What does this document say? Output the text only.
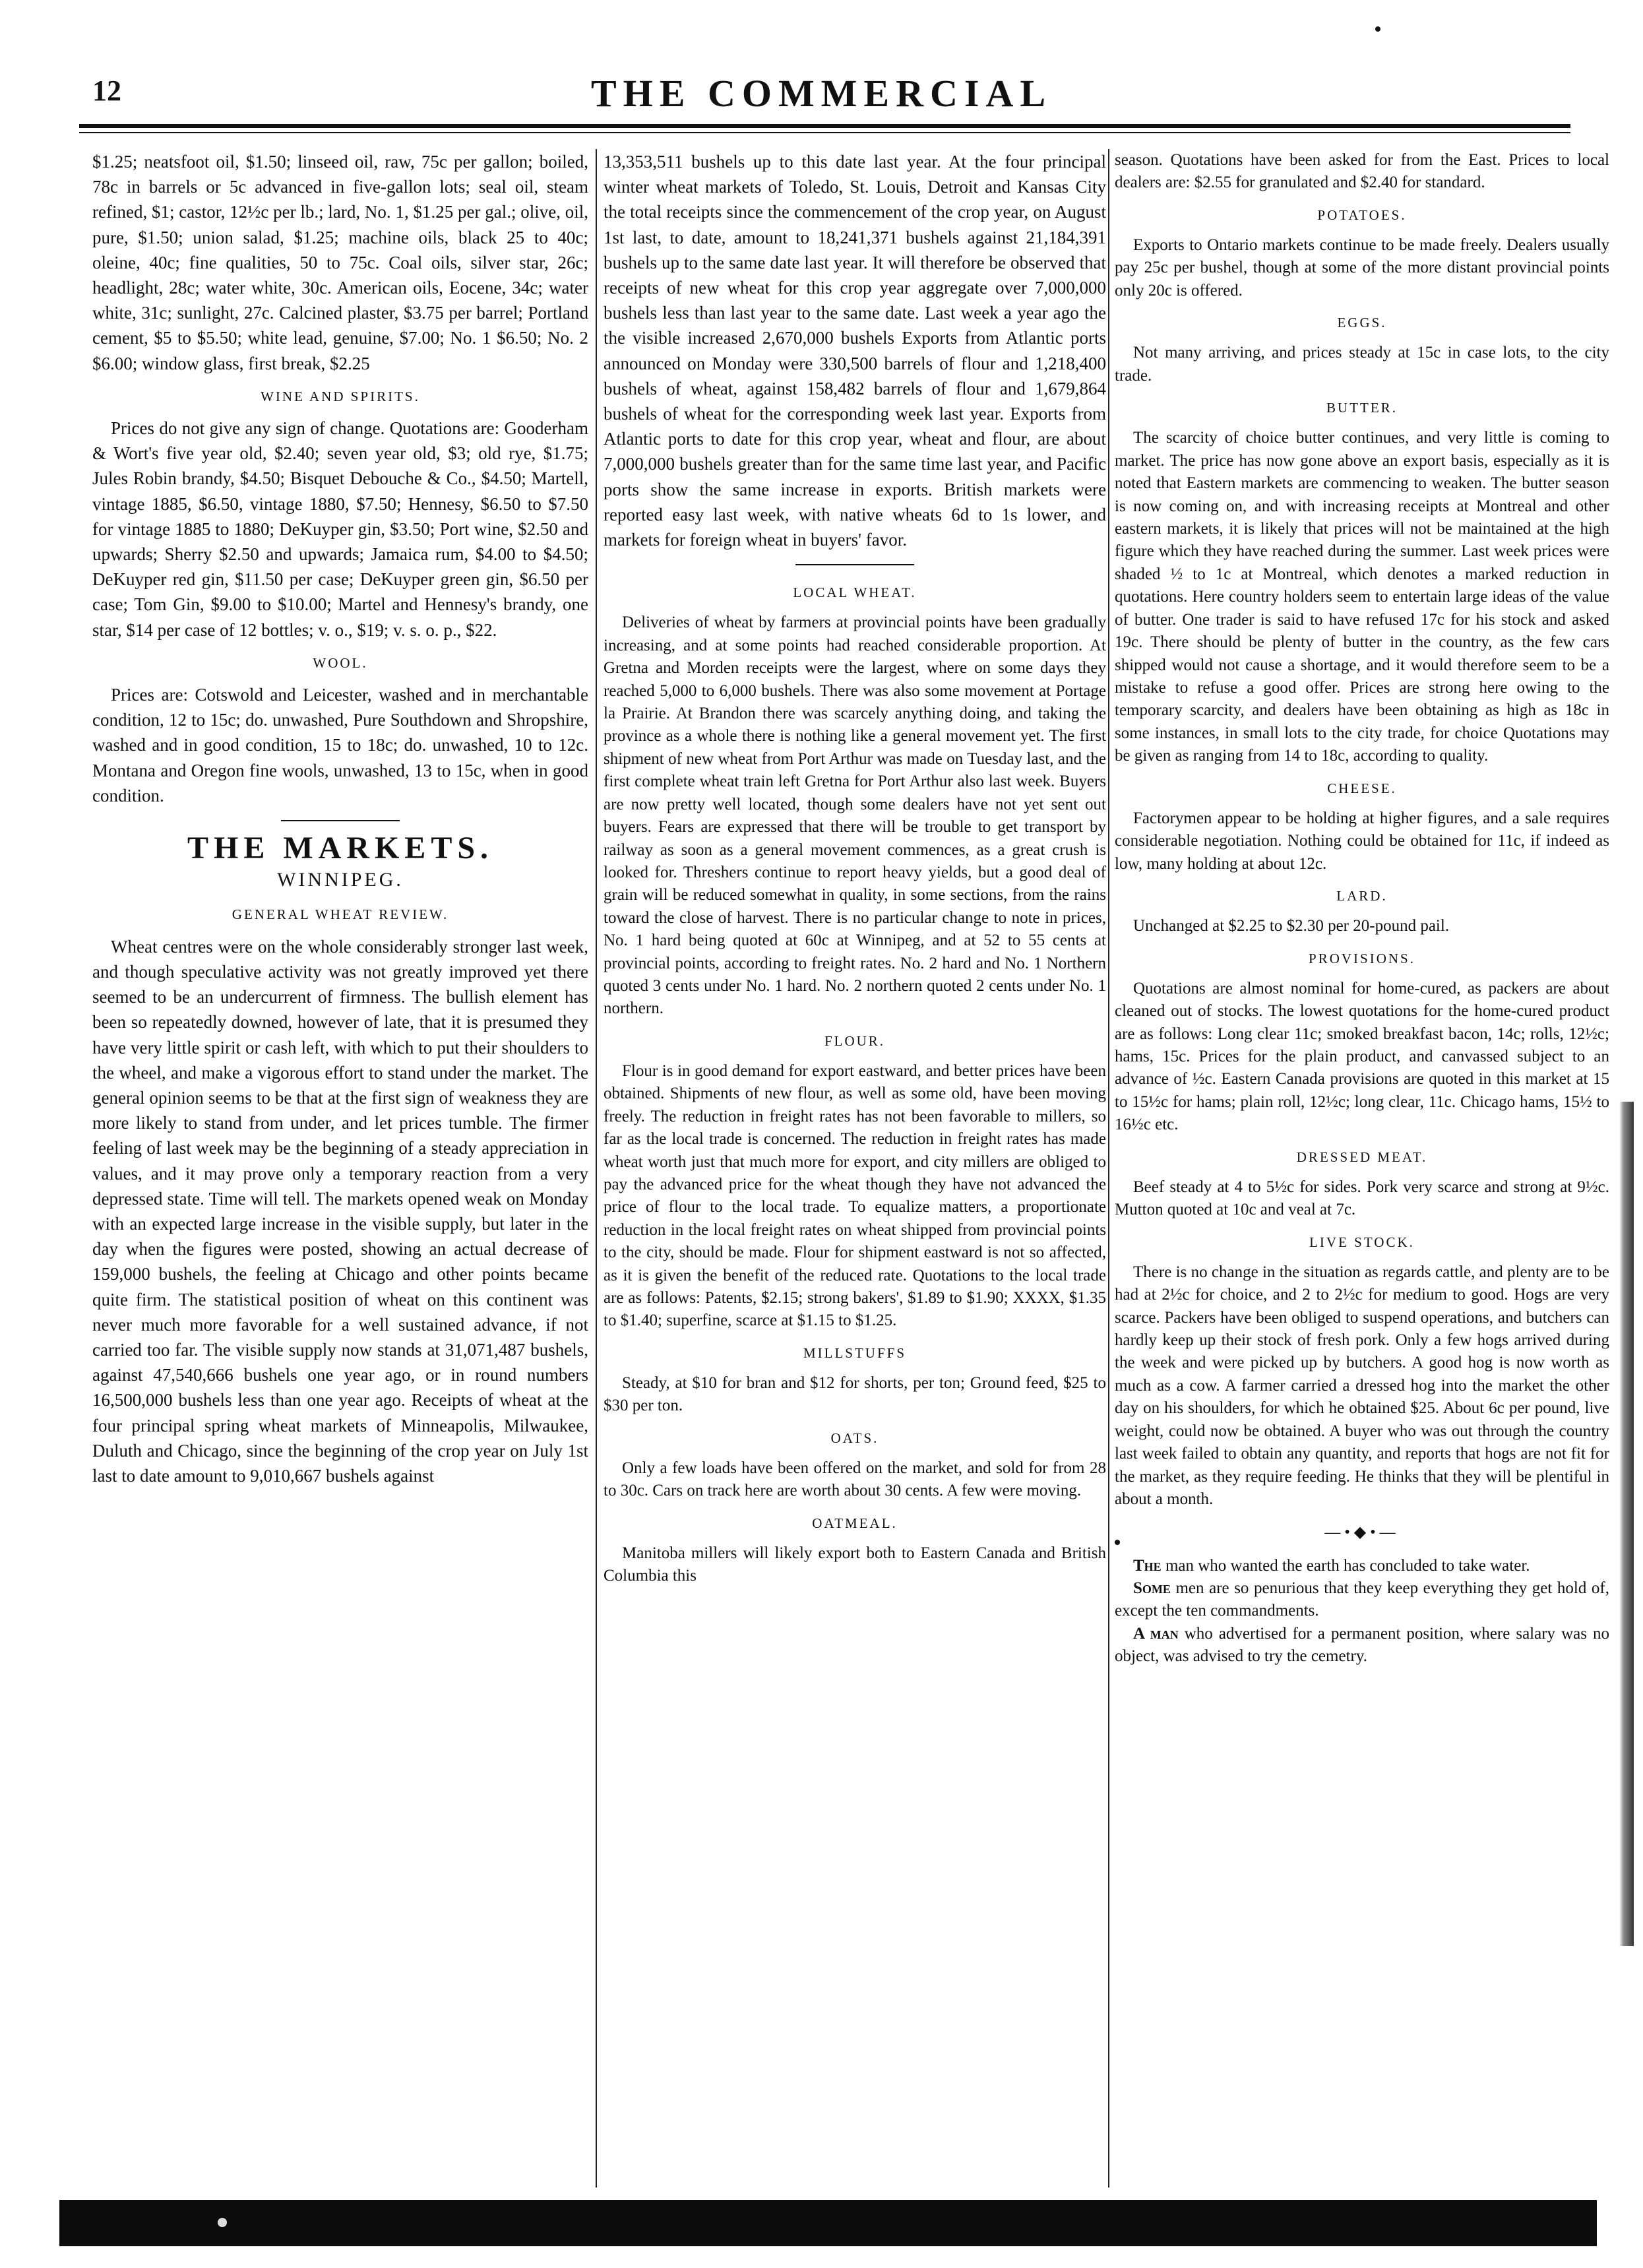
12	THE COMMERCIAL

$1.25; neatsfoot oil, $1.50; linseed oil, raw, 75c per gallon; boiled, 78c in barrels or 5c advanced in five-gallon lots; seal oil, steam refined, $1; castor, 12½c per lb.; lard, No. 1, $1.25 per gal.; olive, oil, pure, $1.50; union salad, $1.25; machine oils, black 25 to 40c; oleine, 40c; fine qualities, 50 to 75c. Coal oils, silver star, 26c; headlight, 28c; water white, 30c. American oils, Eocene, 34c; water white, 31c; sunlight, 27c. Calcined plaster, $3.75 per barrel; Portland cement, $5 to $5.50; white lead, genuine, $7.00; No. 1 $6.50; No. 2 $6.00; window glass, first break, $2.25

WINE AND SPIRITS.

Prices do not give any sign of change. Quotations are: Gooderham & Wort's five year old, $2.40; seven year old, $3; old rye, $1.75; Jules Robin brandy, $4.50; Bisquet Debouche & Co., $4.50; Martell, vintage 1885, $6.50, vintage 1880, $7.50; Hennesy, $6.50 to $7.50 for vintage 1885 to 1880; DeKuyper gin, $3.50; Port wine, $2.50 and upwards; Sherry $2.50 and upwards; Jamaica rum, $4.00 to $4.50; DeKuyper red gin, $11.50 per case; DeKuyper green gin, $6.50 per case; Tom Gin, $9.00 to $10.00; Martel and Hennesy's brandy, one star, $14 per case of 12 bottles; v. o., $19; v. s. o. p., $22.

WOOL.

Prices are: Cotswold and Leicester, washed and in merchantable condition, 12 to 15c; do. unwashed, Pure Southdown and Shropshire, washed and in good condition, 15 to 18c; do. unwashed, 10 to 12c. Montana and Oregon fine wools, unwashed, 13 to 15c, when in good condition.

THE MARKETS.
WINNIPEG.
GENERAL WHEAT REVIEW.

Wheat centres were on the whole considerably stronger last week, and though speculative activity was not greatly improved yet there seemed to be an undercurrent of firmness. The bullish element has been so repeatedly downed, however of late, that it is presumed they have very little spirit or cash left, with which to put their shoulders to the wheel, and make a vigorous effort to stand under the market. The general opinion seems to be that at the first sign of weakness they are more likely to stand from under, and let prices tumble. The firmer feeling of last week may be the beginning of a steady appreciation in values, and it may prove only a temporary reaction from a very depressed state. Time will tell. The markets opened weak on Monday with an expected large increase in the visible supply, but later in the day when the figures were posted, showing an actual decrease of 159,000 bushels, the feeling at Chicago and other points became quite firm. The statistical position of wheat on this continent was never much more favorable for a well sustained advance, if not carried too far. The visible supply now stands at 31,071,487 bushels, against 47,540,666 bushels one year ago, or in round numbers 16,500,000 bushels less than one year ago. Receipts of wheat at the four principal spring wheat markets of Minneapolis, Milwaukee, Duluth and Chicago, since the beginning of the crop year on July 1st last to date amount to 9,010,667 bushels against

13,353,511 bushels up to this date last year. At the four principal winter wheat markets of Toledo, St. Louis, Detroit and Kansas City the total receipts since the commencement of the crop year, on August 1st last, to date, amount to 18,241,371 bushels against 21,184,391 bushels up to the same date last year. It will therefore be observed that receipts of new wheat for this crop year aggregate over 7,000,000 bushels less than last year to the same date. Last week a year ago the the visible increased 2,670,000 bushels Exports from Atlantic ports announced on Monday were 330,500 barrels of flour and 1,218,400 bushels of wheat, against 158,482 barrels of flour and 1,679,864 bushels of wheat for the corresponding week last year. Exports from Atlantic ports to date for this crop year, wheat and flour, are about 7,000,000 bushels greater than for the same time last year, and Pacific ports show the same increase in exports. British markets were reported easy last week, with native wheats 6d to 1s lower, and markets for foreign wheat in buyers' favor.

LOCAL WHEAT.

Deliveries of wheat by farmers at provincial points have been gradually increasing, and at some points had reached considerable proportion. At Gretna and Morden receipts were the largest, where on some days they reached 5,000 to 6,000 bushels. There was also some movement at Portage la Prairie. At Brandon there was scarcely anything doing, and taking the province as a whole there is nothing like a general movement yet. The first shipment of new wheat from Port Arthur was made on Tuesday last, and the first complete wheat train left Gretna for Port Arthur also last week. Buyers are now pretty well located, though some dealers have not yet sent out buyers. Fears are expressed that there will be trouble to get transport by railway as soon as a general movement commences, as a great crush is looked for. Threshers continue to report heavy yields, but a good deal of grain will be reduced somewhat in quality, in some sections, from the rains toward the close of harvest. There is no particular change to note in prices, No. 1 hard being quoted at 60c at Winnipeg, and at 52 to 55 cents at provincial points, according to freight rates. No. 2 hard and No. 1 Northern quoted 3 cents under No. 1 hard. No. 2 northern quoted 2 cents under No. 1 northern.

FLOUR.

Flour is in good demand for export eastward, and better prices have been obtained. Shipments of new flour, as well as some old, have been moving freely. The reduction in freight rates has not been favorable to millers, so far as the local trade is concerned. The reduction in freight rates has made wheat worth just that much more for export, and city millers are obliged to pay the advanced price for the wheat though they have not advanced the price of flour to the local trade. To equalize matters, a proportionate reduction in the local freight rates on wheat shipped from provincial points to the city, should be made. Flour for shipment eastward is not so affected, as it is given the benefit of the reduced rate. Quotations to the local trade are as follows: Patents, $2.15; strong bakers', $1.89 to $1.90; XXXX, $1.35 to $1.40; superfine, scarce at $1.15 to $1.25.

MILLSTUFFS

Steady, at $10 for bran and $12 for shorts, per ton; Ground feed, $25 to $30 per ton.

OATS.

Only a few loads have been offered on the market, and sold for from 28 to 30c. Cars on track here are worth about 30 cents. A few were moving.

OATMEAL.

Manitoba millers will likely export both to Eastern Canada and British Columbia this

season. Quotations have been asked for from the East. Prices to local dealers are: $2.55 for granulated and $2.40 for standard.

POTATOES.

Exports to Ontario markets continue to be made freely. Dealers usually pay 25c per bushel, though at some of the more distant provincial points only 20c is offered.

EGGS.

Not many arriving, and prices steady at 15c in case lots, to the city trade.

BUTTER.

The scarcity of choice butter continues, and very little is coming to market. The price has now gone above an export basis, especially as it is noted that Eastern markets are commencing to weaken. The butter season is now coming on, and with increasing receipts at Montreal and other eastern markets, it is likely that prices will not be maintained at the high figure which they have reached during the summer. Last week prices were shaded ½ to 1c at Montreal, which denotes a marked reduction in quotations. Here country holders seem to entertain large ideas of the value of butter. One trader is said to have refused 17c for his stock and asked 19c. There should be plenty of butter in the country, as the few cars shipped would not cause a shortage, and it would therefore seem to be a mistake to refuse a good offer. Prices are strong here owing to the temporary scarcity, and dealers have been obtaining as high as 18c in some instances, in small lots to the city trade, for choice Quotations may be given as ranging from 14 to 18c, according to quality.

CHEESE.

Factorymen appear to be holding at higher figures, and a sale requires considerable negotiation. Nothing could be obtained for 11c, if indeed as low, many holding at about 12c.

LARD.

Unchanged at $2.25 to $2.30 per 20-pound pail.

PROVISIONS.

Quotations are almost nominal for home-cured, as packers are about cleaned out of stocks. The lowest quotations for the home-cured product are as follows: Long clear 11c; smoked breakfast bacon, 14c; rolls, 12½c; hams, 15c. Prices for the plain product, and canvassed subject to an advance of ½c. Eastern Canada provisions are quoted in this market at 15 to 15½c for hams; plain roll, 12½c; long clear, 11c. Chicago hams, 15½ to 16½c etc.

DRESSED MEAT.

Beef steady at 4 to 5½c for sides. Pork very scarce and strong at 9½c. Mutton quoted at 10c and veal at 7c.

LIVE STOCK.

There is no change in the situation as regards cattle, and plenty are to be had at 2½c for choice, and 2 to 2½c for medium to good. Hogs are very scarce. Packers have been obliged to suspend operations, and butchers can hardly keep up their stock of fresh pork. Only a few hogs arrived during the week and were picked up by butchers. A good hog is now worth as much as a cow. A farmer carried a dressed hog into the market the other day on his shoulders, for which he obtained $25. About 6c per pound, live weight, could now be obtained. A buyer who was out through the country last week failed to obtain any quantity, and reports that hogs are not fit for the market, as they require feeding. He thinks that they will be plentiful in about a month.

—•◆•—

The man who wanted the earth has concluded to take water.

Some men are so penurious that they keep everything they get hold of, except the ten commandments.

A man who advertised for a permanent position, where salary was no object, was advised to try the cemetry.
